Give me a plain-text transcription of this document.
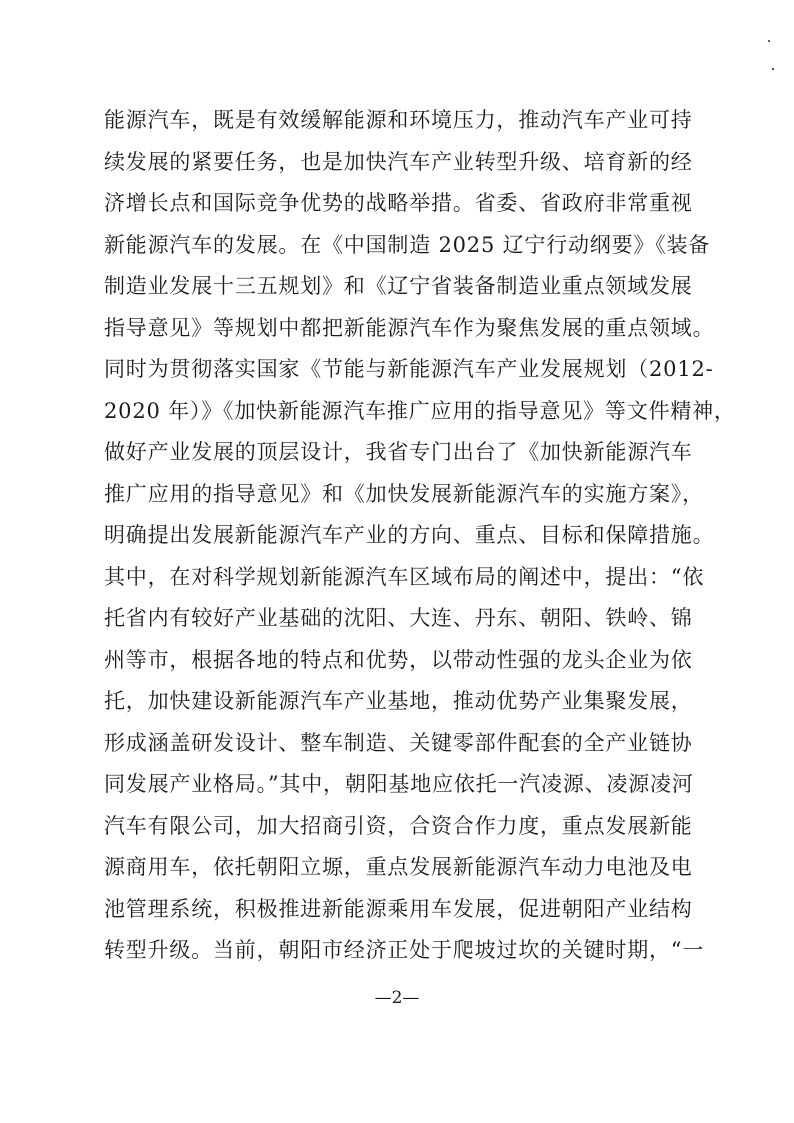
能源汽车，既是有效缓解能源和环境压力，推动汽车产业可持
续发展的紧要任务，也是加快汽车产业转型升级、培育新的经
济增长点和国际竞争优势的战略举措。省委、省政府非常重视
新能源汽车的发展。在《中国制造 2025 辽宁行动纲要》《装备
制造业发展十三五规划》和《辽宁省装备制造业重点领域发展
指导意见》等规划中都把新能源汽车作为聚焦发展的重点领域。
同时为贯彻落实国家《节能与新能源汽车产业发展规划（2012-
2020 年）》《加快新能源汽车推广应用的指导意见》等文件精神，
做好产业发展的顶层设计，我省专门出台了《加快新能源汽车
推广应用的指导意见》和《加快发展新能源汽车的实施方案》，
明确提出发展新能源汽车产业的方向、重点、目标和保障措施。
其中，在对科学规划新能源汽车区域布局的阐述中，提出：“依
托省内有较好产业基础的沈阳、大连、丹东、朝阳、铁岭、锦
州等市，根据各地的特点和优势，以带动性强的龙头企业为依
托，加快建设新能源汽车产业基地，推动优势产业集聚发展，
形成涵盖研发设计、整车制造、关键零部件配套的全产业链协
同发展产业格局。”其中，朝阳基地应依托一汽凌源、凌源凌河
汽车有限公司，加大招商引资，合资合作力度，重点发展新能
源商用车，依托朝阳立塬，重点发展新能源汽车动力电池及电
池管理系统，积极推进新能源乘用车发展，促进朝阳产业结构
转型升级。当前，朝阳市经济正处于爬坡过坎的关键时期，“一
—2—
